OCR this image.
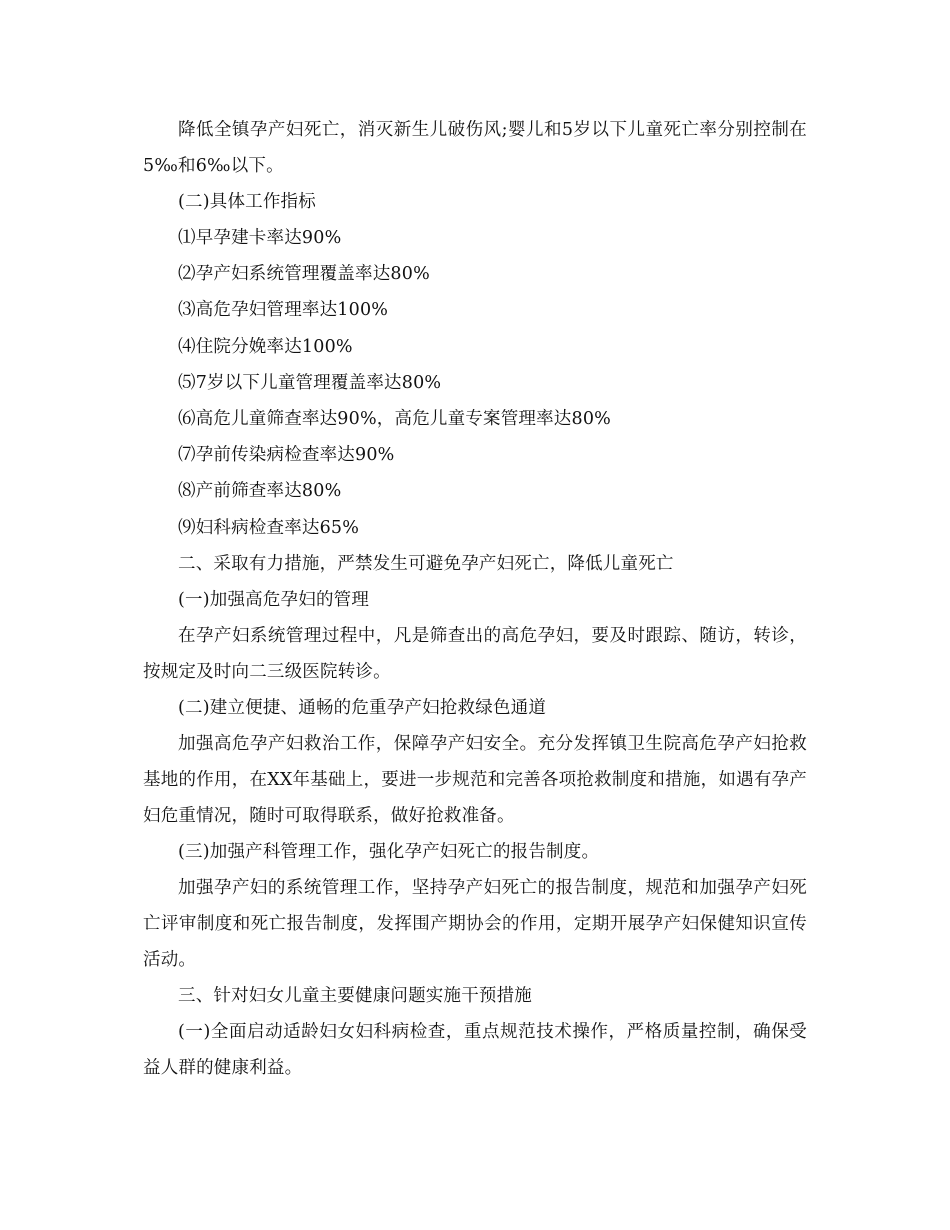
降低全镇孕产妇死亡，消灭新生儿破伤风;婴儿和5岁以下儿童死亡率分别控制在5‰和6‰以下。

(二)具体工作指标

⑴早孕建卡率达90%

⑵孕产妇系统管理覆盖率达80%

⑶高危孕妇管理率达100%

⑷住院分娩率达100%

⑸7岁以下儿童管理覆盖率达80%

⑹高危儿童筛查率达90%，高危儿童专案管理率达80%

⑺孕前传染病检查率达90%

⑻产前筛查率达80%

⑼妇科病检查率达65%

二、采取有力措施，严禁发生可避免孕产妇死亡，降低儿童死亡

(一)加强高危孕妇的管理

在孕产妇系统管理过程中，凡是筛查出的高危孕妇，要及时跟踪、随访，转诊，按规定及时向二三级医院转诊。

(二)建立便捷、通畅的危重孕产妇抢救绿色通道

加强高危孕产妇救治工作，保障孕产妇安全。充分发挥镇卫生院高危孕产妇抢救基地的作用，在XX年基础上，要进一步规范和完善各项抢救制度和措施，如遇有孕产妇危重情况，随时可取得联系，做好抢救准备。

(三)加强产科管理工作，强化孕产妇死亡的报告制度。

加强孕产妇的系统管理工作，坚持孕产妇死亡的报告制度，规范和加强孕产妇死亡评审制度和死亡报告制度，发挥围产期协会的作用，定期开展孕产妇保健知识宣传活动。

三、针对妇女儿童主要健康问题实施干预措施

(一)全面启动适龄妇女妇科病检查，重点规范技术操作，严格质量控制，确保受益人群的健康利益。
